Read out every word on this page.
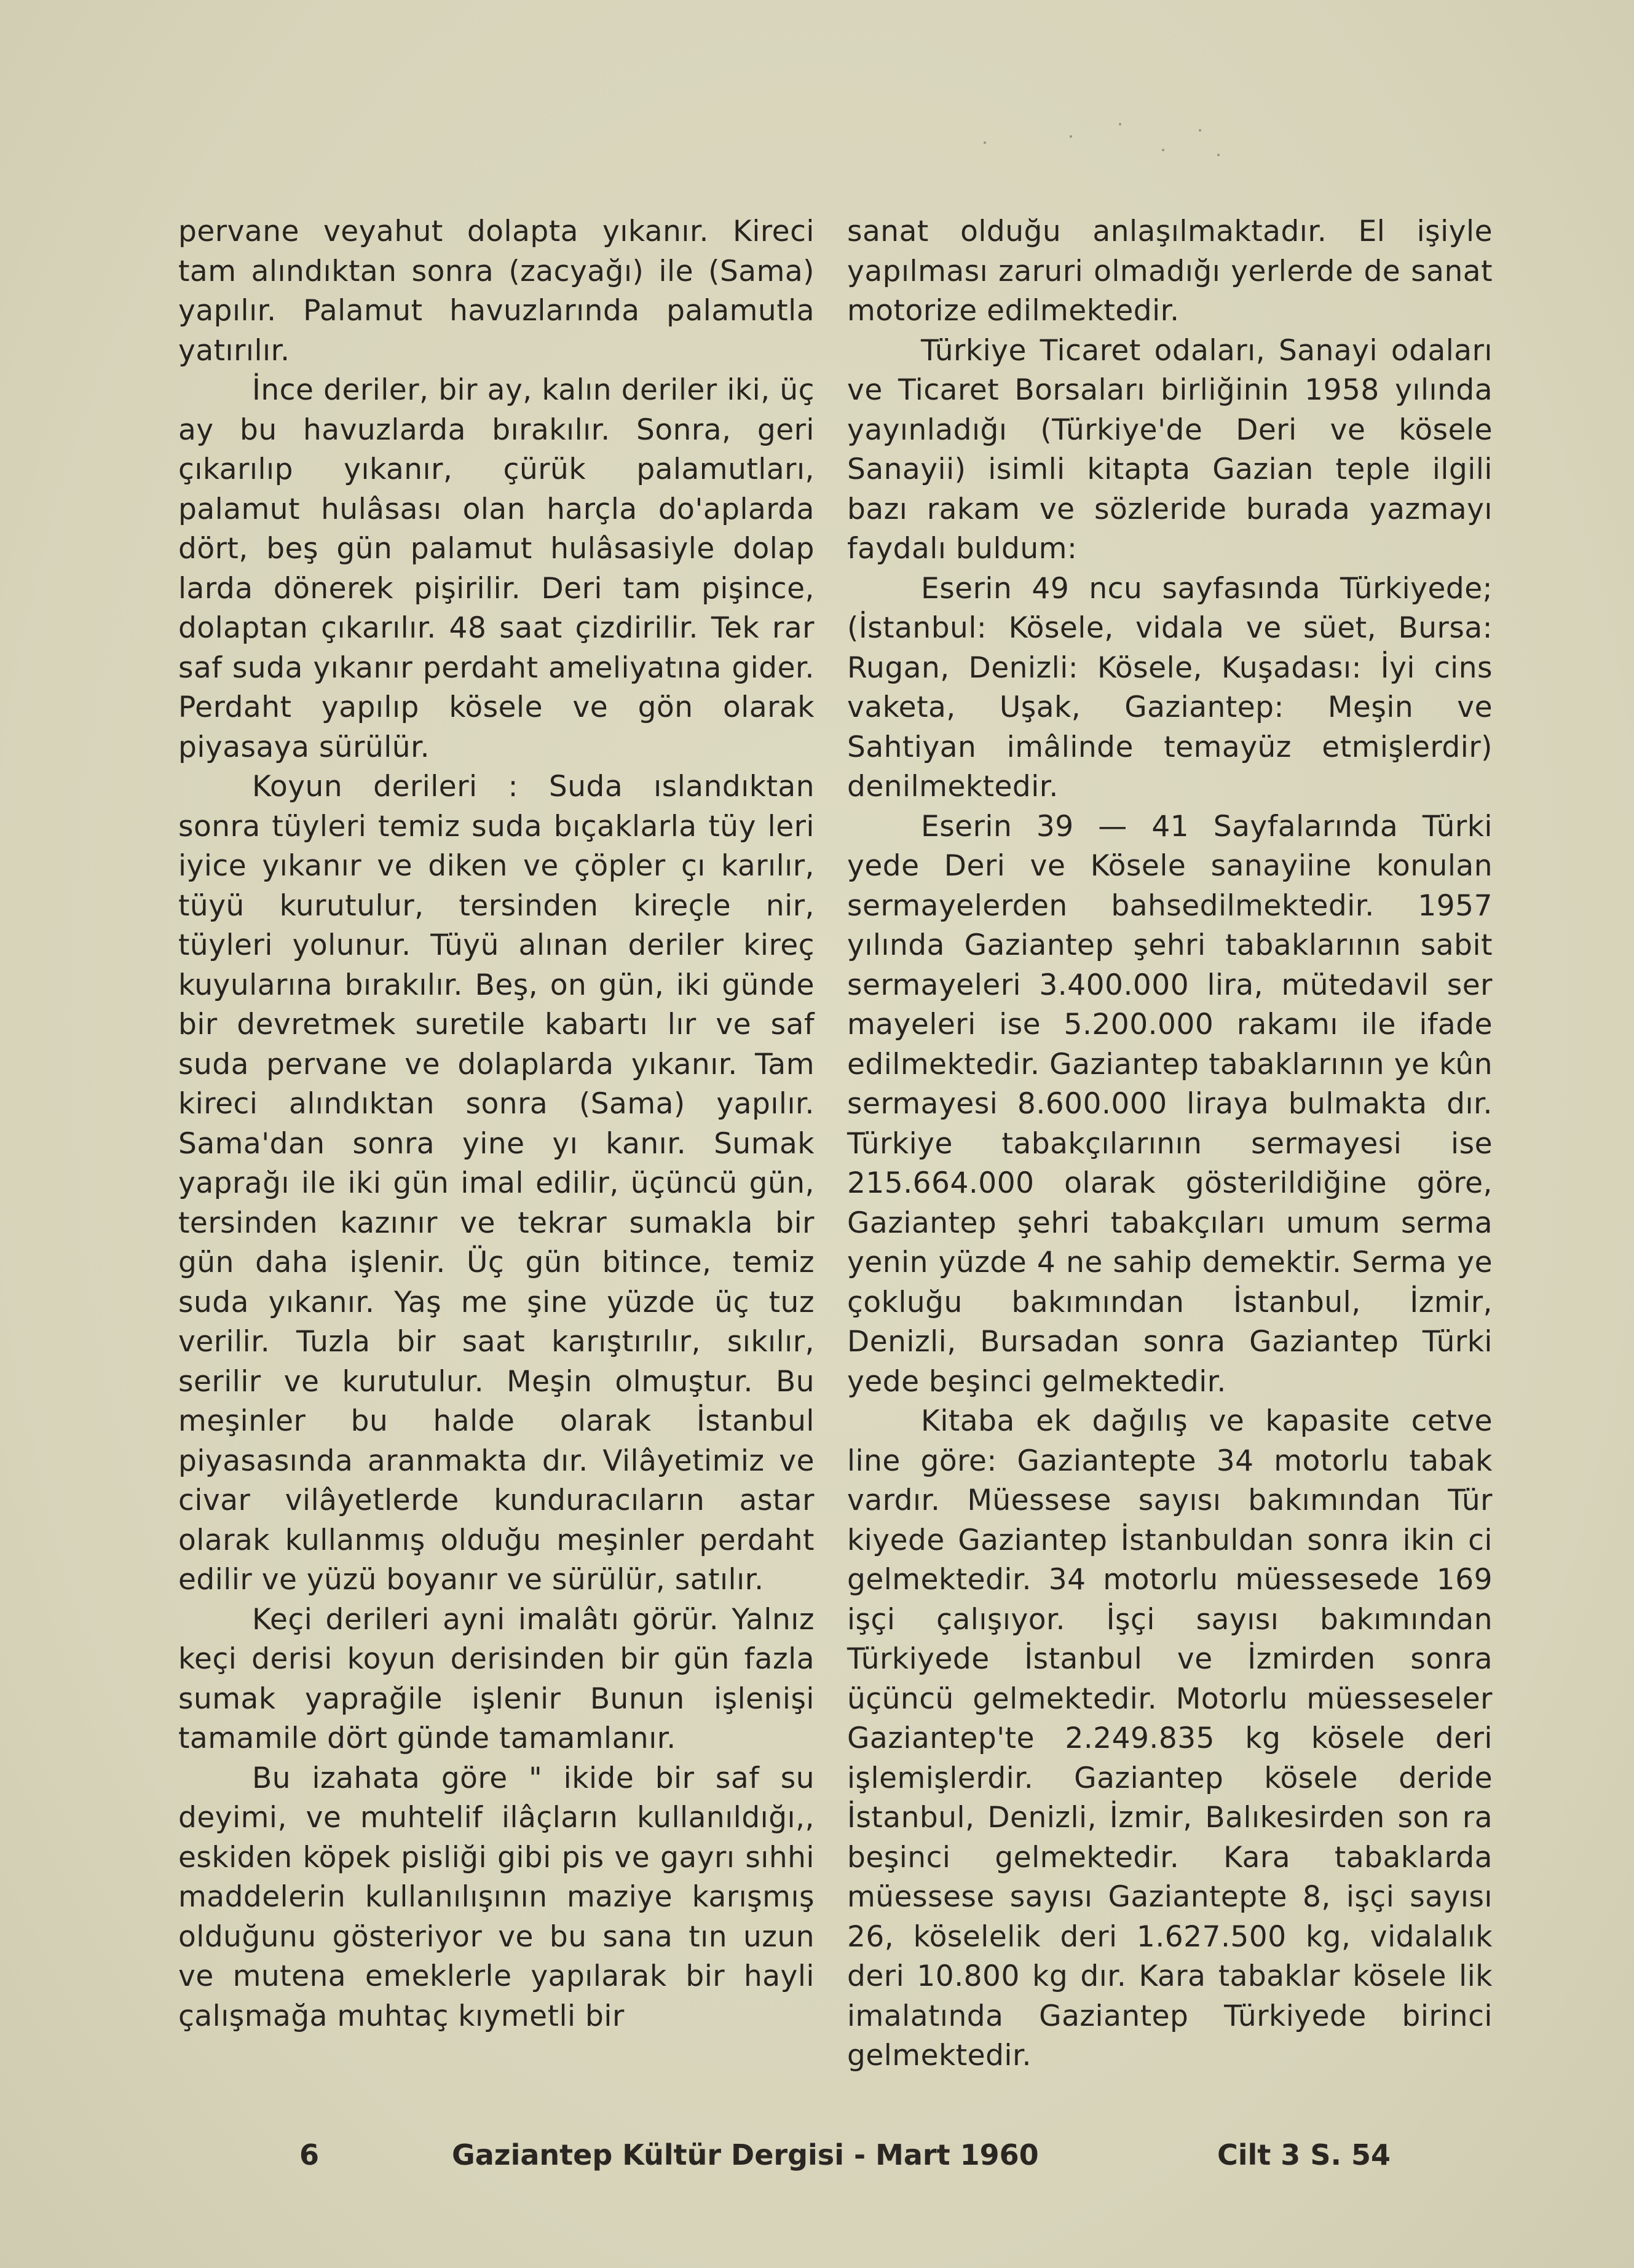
pervane veyahut dolapta yıkanır. Kireci tam alındıktan sonra (zacyağı) ile (Sama) yapılır. Palamut havuzlarında palamutla yatırılır.

İnce deriler, bir ay, kalın deriler iki, üç ay bu havuzlarda bırakılır. Sonra, geri çıkarılıp yıkanır, çürük palamutları, palamut hulâsası olan harçla do'aplarda dört, beş gün palamut hulâsasiyle dolap larda dönerek pişirilir. Deri tam pişince, dolaptan çıkarılır. 48 saat çizdirilir. Tek rar saf suda yıkanır perdaht ameliyatına gider. Perdaht yapılıp kösele ve gön olarak piyasaya sürülür.

Koyun derileri : Suda ıslandıktan sonra tüyleri temiz suda bıçaklarla tüy leri iyice yıkanır ve diken ve çöpler çı karılır, tüyü kurutulur, tersinden kireçle nir, tüyleri yolunur. Tüyü alınan deriler kireç kuyularına bırakılır. Beş, on gün, iki günde bir devretmek suretile kabartı lır ve saf suda pervane ve dolaplarda yıkanır. Tam kireci alındıktan sonra (Sama) yapılır. Sama'dan sonra yine yı kanır. Sumak yaprağı ile iki gün imal edilir, üçüncü gün, tersinden kazınır ve tekrar sumakla bir gün daha işlenir. Üç gün bitince, temiz suda yıkanır. Yaş me şine yüzde üç tuz verilir. Tuzla bir saat karıştırılır, sıkılır, serilir ve kurutulur. Meşin olmuştur. Bu meşinler bu halde olarak İstanbul piyasasında aranmakta dır. Vilâyetimiz ve civar vilâyetlerde kunduracıların astar olarak kullanmış olduğu meşinler perdaht edilir ve yüzü boyanır ve sürülür, satılır.

Keçi derileri ayni imalâtı görür. Yalnız keçi derisi koyun derisinden bir gün fazla sumak yaprağile işlenir Bunun işlenişi tamamile dört günde tamamlanır.

Bu izahata göre " ikide bir saf su deyimi, ve muhtelif ilâçların kullanıldığı,, eskiden köpek pisliği gibi pis ve gayrı sıhhi maddelerin kullanılışının maziye karışmış olduğunu gösteriyor ve bu sana tın uzun ve mutena emeklerle yapılarak bir hayli çalışmağa muhtaç kıymetli bir

sanat olduğu anlaşılmaktadır. El işiyle yapılması zaruri olmadığı yerlerde de sanat motorize edilmektedir.

Türkiye Ticaret odaları, Sanayi odaları ve Ticaret Borsaları birliğinin 1958 yılında yayınladığı (Türkiye'de Deri ve kösele Sanayii) isimli kitapta Gazian teple ilgili bazı rakam ve sözleride burada yazmayı faydalı buldum:

Eserin 49 ncu sayfasında Türkiyede; (İstanbul: Kösele, vidala ve süet, Bursa: Rugan, Denizli: Kösele, Kuşadası: İyi cins vaketa, Uşak, Gaziantep: Meşin ve Sahtiyan imâlinde temayüz etmişlerdir) denilmektedir.

Eserin 39 — 41 Sayfalarında Türki yede Deri ve Kösele sanayiine konulan sermayelerden bahsedilmektedir. 1957 yılında Gaziantep şehri tabaklarının sabit sermayeleri 3.400.000 lira, mütedavil ser mayeleri ise 5.200.000 rakamı ile ifade edilmektedir. Gaziantep tabaklarının ye kûn sermayesi 8.600.000 liraya bulmakta dır. Türkiye tabakçılarının sermayesi ise 215.664.000 olarak gösterildiğine göre, Gaziantep şehri tabakçıları umum serma yenin yüzde 4 ne sahip demektir. Serma ye çokluğu bakımından İstanbul, İzmir, Denizli, Bursadan sonra Gaziantep Türki yede beşinci gelmektedir.

Kitaba ek dağılış ve kapasite cetve line göre: Gaziantepte 34 motorlu tabak vardır. Müessese sayısı bakımından Tür kiyede Gaziantep İstanbuldan sonra ikin ci gelmektedir. 34 motorlu müessesede 169 işçi çalışıyor. İşçi sayısı bakımından Türkiyede İstanbul ve İzmirden sonra üçüncü gelmektedir. Motorlu müesseseler Gaziantep'te 2.249.835 kg kösele deri işlemişlerdir. Gaziantep kösele deride İstanbul, Denizli, İzmir, Balıkesirden son ra beşinci gelmektedir. Kara tabaklarda müessese sayısı Gaziantepte 8, işçi sayısı 26, köselelik deri 1.627.500 kg, vidalalık deri 10.800 kg dır. Kara tabaklar kösele lik imalatında Gaziantep Türkiyede birinci gelmektedir.

6	Gaziantep Kültür Dergisi - Mart 1960	Cilt 3 S. 54
